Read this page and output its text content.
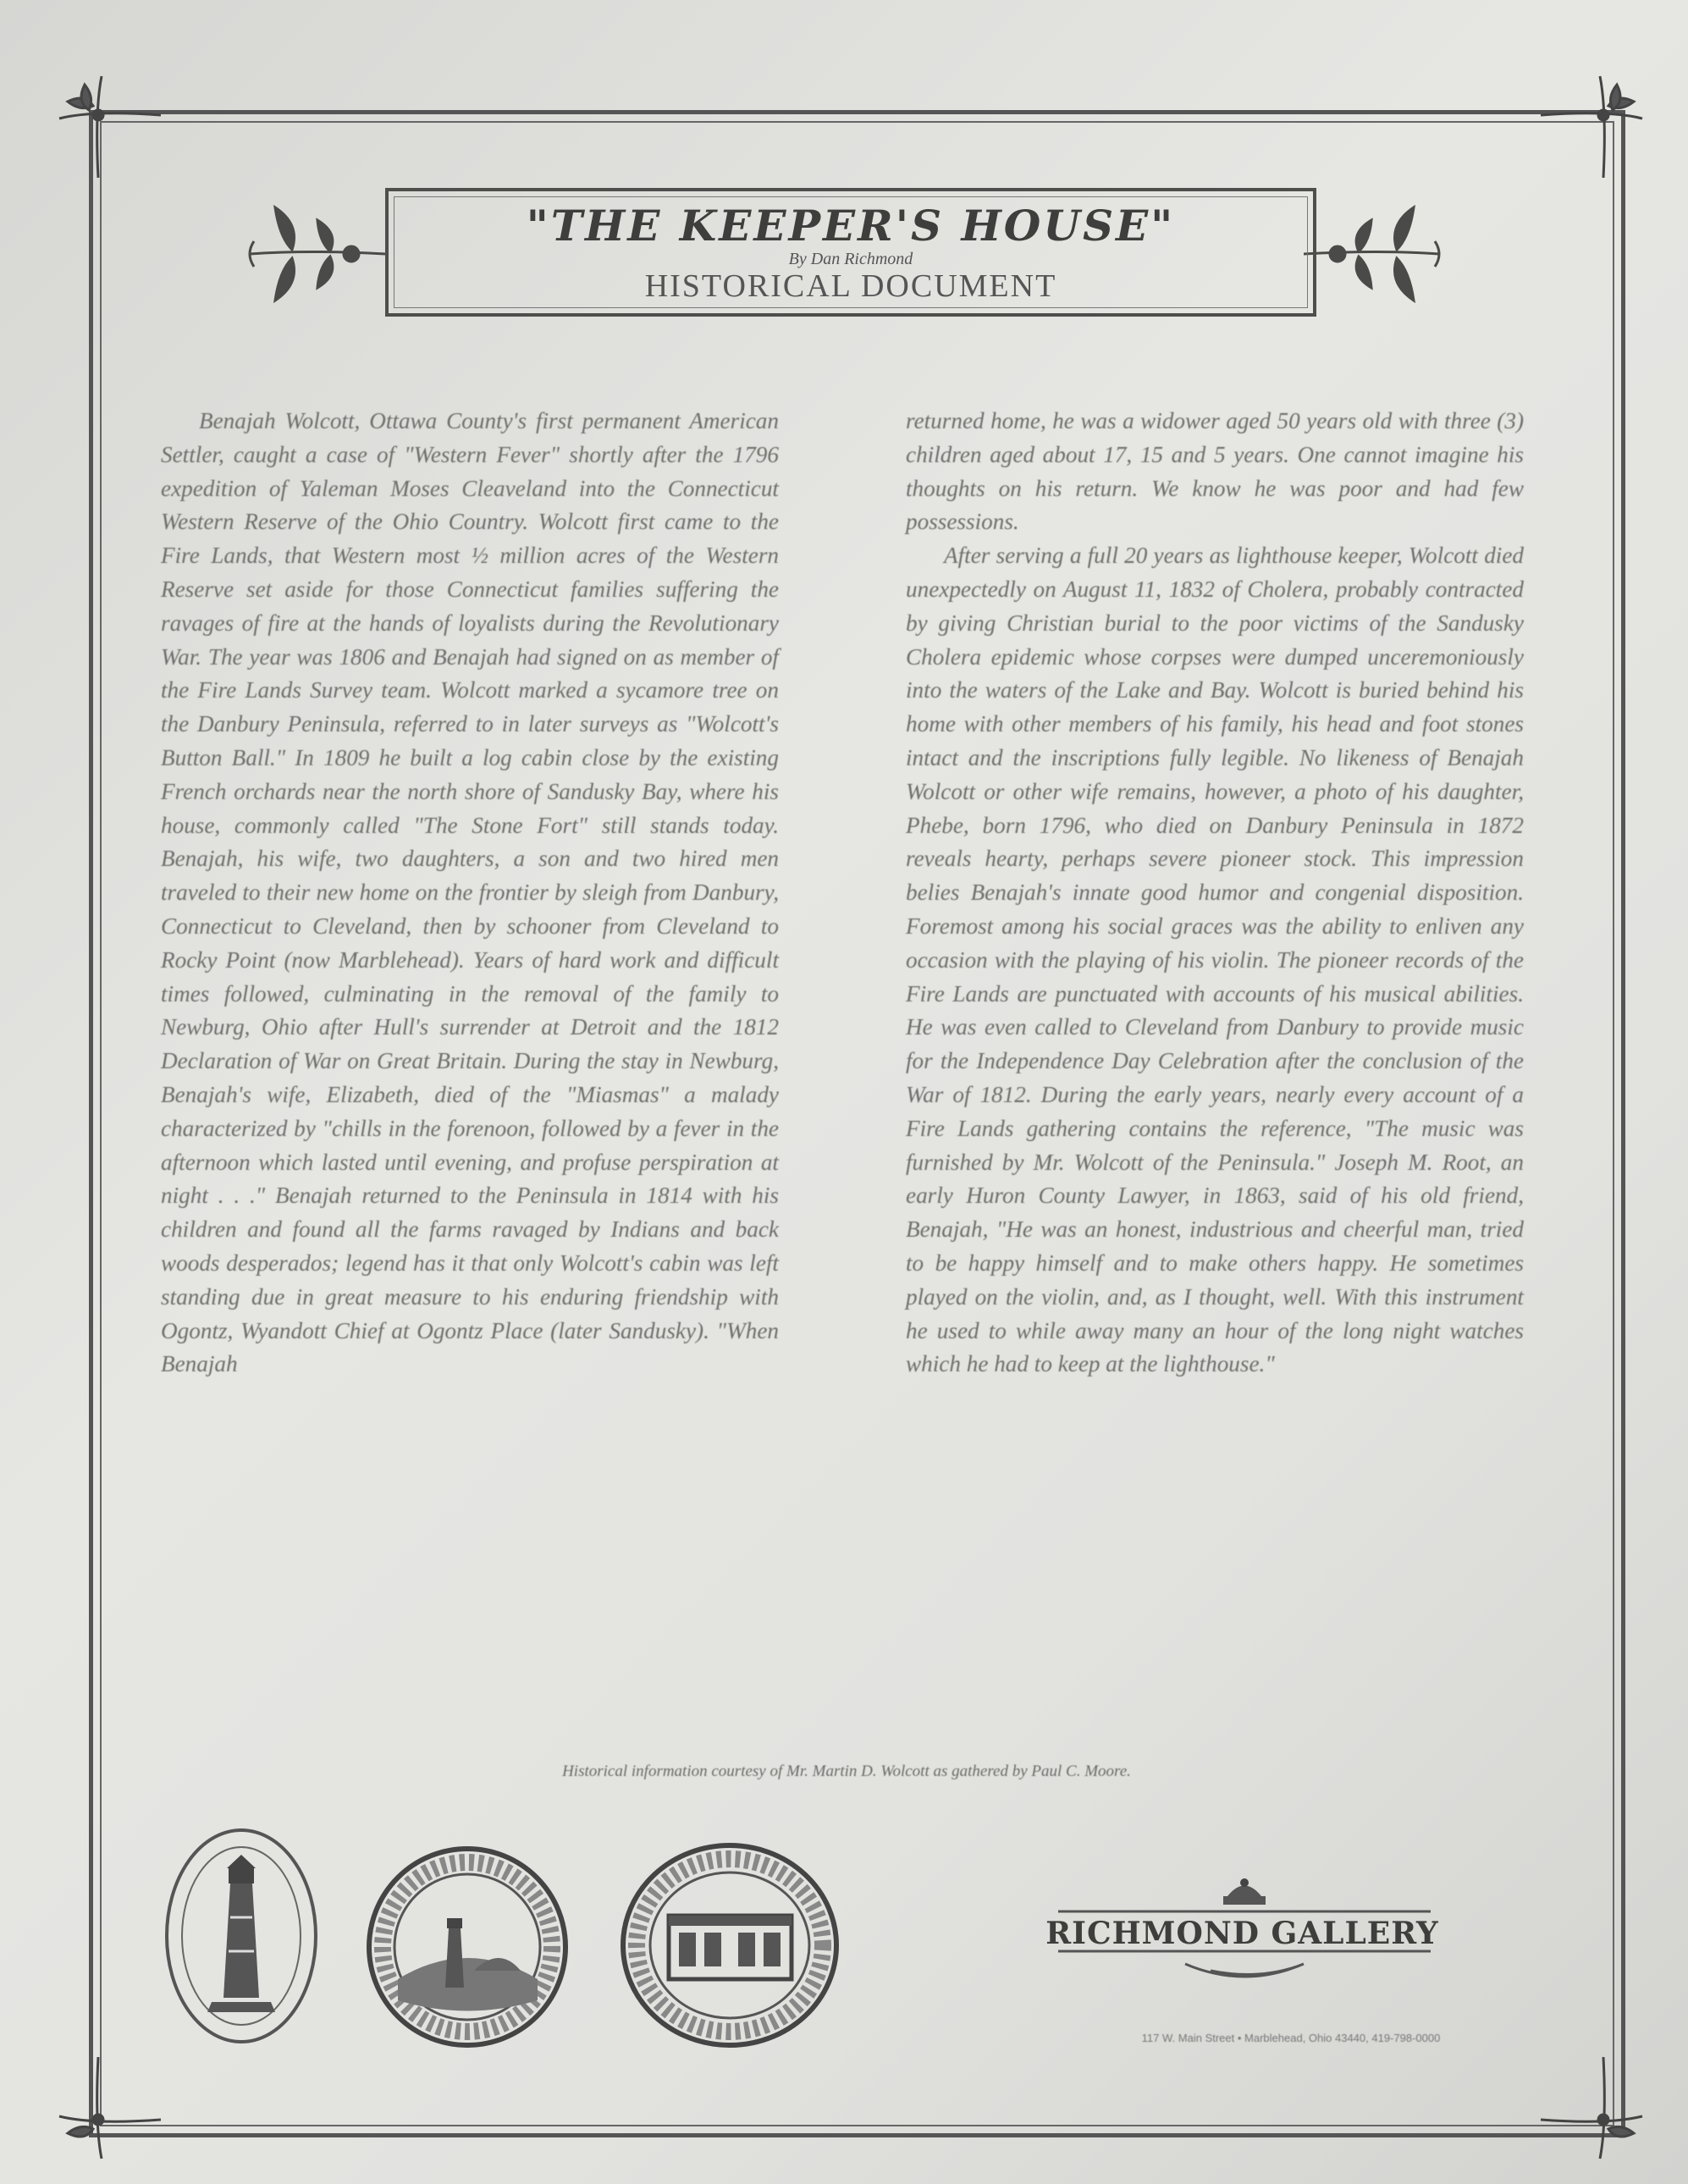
"THE KEEPER'S HOUSE"
By Dan Richmond
HISTORICAL DOCUMENT

Benajah Wolcott, Ottawa County's first permanent American Settler, caught a case of "Western Fever" shortly after the 1796 expedition of Yaleman Moses Cleaveland into the Connecticut Western Reserve of the Ohio Country. Wolcott first came to the Fire Lands, that Western most ½ million acres of the Western Reserve set aside for those Connecticut families suffering the ravages of fire at the hands of loyalists during the Revolutionary War. The year was 1806 and Benajah had signed on as member of the Fire Lands Survey team. Wolcott marked a sycamore tree on the Danbury Peninsula, referred to in later surveys as "Wolcott's Button Ball." In 1809 he built a log cabin close by the existing French orchards near the north shore of Sandusky Bay, where his house, commonly called "The Stone Fort" still stands today. Benajah, his wife, two daughters, a son and two hired men traveled to their new home on the frontier by sleigh from Danbury, Connecticut to Cleveland, then by schooner from Cleveland to Rocky Point (now Marblehead). Years of hard work and difficult times followed, culminating in the removal of the family to Newburg, Ohio after Hull's surrender at Detroit and the 1812 Declaration of War on Great Britain. During the stay in Newburg, Benajah's wife, Elizabeth, died of the "Miasmas" a malady characterized by "chills in the forenoon, followed by a fever in the afternoon which lasted until evening, and profuse perspiration at night . . ." Benajah returned to the Peninsula in 1814 with his children and found all the farms ravaged by Indians and back woods desperados; legend has it that only Wolcott's cabin was left standing due in great measure to his enduring friendship with Ogontz, Wyandott Chief at Ogontz Place (later Sandusky). "When Benajah

returned home, he was a widower aged 50 years old with three (3) children aged about 17, 15 and 5 years. One cannot imagine his thoughts on his return. We know he was poor and had few possessions.

After serving a full 20 years as lighthouse keeper, Wolcott died unexpectedly on August 11, 1832 of Cholera, probably contracted by giving Christian burial to the poor victims of the Sandusky Cholera epidemic whose corpses were dumped unceremoniously into the waters of the Lake and Bay. Wolcott is buried behind his home with other members of his family, his head and foot stones intact and the inscriptions fully legible. No likeness of Benajah Wolcott or other wife remains, however, a photo of his daughter, Phebe, born 1796, who died on Danbury Peninsula in 1872 reveals hearty, perhaps severe pioneer stock. This impression belies Benajah's innate good humor and congenial disposition. Foremost among his social graces was the ability to enliven any occasion with the playing of his violin. The pioneer records of the Fire Lands are punctuated with accounts of his musical abilities. He was even called to Cleveland from Danbury to provide music for the Independence Day Celebration after the conclusion of the War of 1812. During the early years, nearly every account of a Fire Lands gathering contains the reference, "The music was furnished by Mr. Wolcott of the Peninsula." Joseph M. Root, an early Huron County Lawyer, in 1863, said of his old friend, Benajah, "He was an honest, industrious and cheerful man, tried to be happy himself and to make others happy. He sometimes played on the violin, and, as I thought, well. With this instrument he used to while away many an hour of the long night watches which he had to keep at the lighthouse."

Historical information courtesy of Mr. Martin D. Wolcott as gathered by Paul C. Moore.
RICHMOND GALLERY
117 W. Main Street • Marblehead, Ohio 43440, 419-798-0000
